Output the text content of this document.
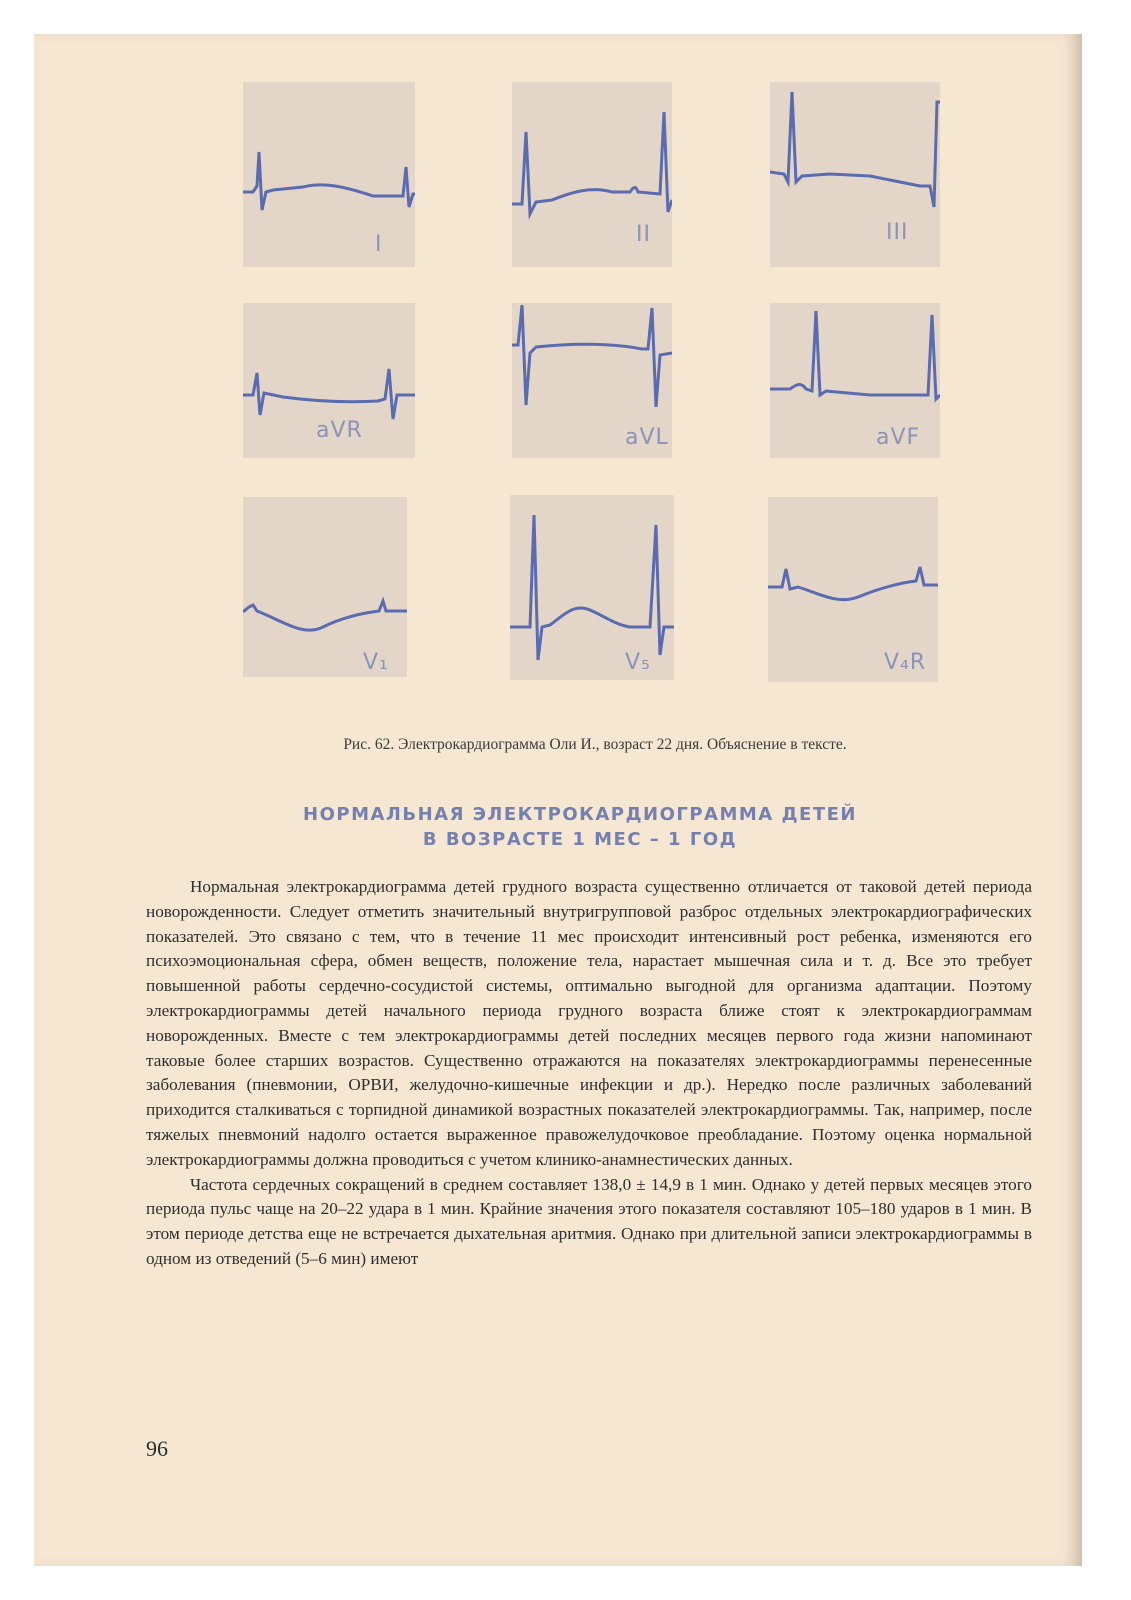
I	II	III
aVR	aVL	aVF
V₁	V₅	V₄R
Рис. 62. Электрокардиограмма Оли И., возраст 22 дня. Объяснение в тексте.
НОРМАЛЬНАЯ ЭЛЕКТРОКАРДИОГРАММА ДЕТЕЙ
В ВОЗРАСТЕ 1 МЕС – 1 ГОД

Нормальная электрокардиограмма детей грудного возраста существенно отличается от таковой детей периода новорожденности. Следует отметить значительный внутригрупповой разброс отдельных электрокардиографических показателей. Это связано с тем, что в течение 11 мес происходит интенсивный рост ребенка, изменяются его психоэмоциональная сфера, обмен веществ, положение тела, нарастает мышечная сила и т. д. Все это требует повышенной работы сердечно-сосудистой системы, оптимально выгодной для организма адаптации. Поэтому электрокардиограммы детей начального периода грудного возраста ближе стоят к электрокардиограммам новорожденных. Вместе с тем электрокардиограммы детей последних месяцев первого года жизни напоминают таковые более старших возрастов. Существенно отражаются на показателях электрокардиограммы перенесенные заболевания (пневмонии, ОРВИ, желудочно-кишечные инфекции и др.). Нередко после различных заболеваний приходится сталкиваться с торпидной динамикой возрастных показателей электрокардиограммы. Так, например, после тяжелых пневмоний надолго остается выраженное правожелудочковое преобладание. Поэтому оценка нормальной электрокардиограммы должна проводиться с учетом клинико-анамнестических данных.

Частота сердечных сокращений в среднем составляет 138,0 ± 14,9 в 1 мин. Однако у детей первых месяцев этого периода пульс чаще на 20–22 удара в 1 мин. Крайние значения этого показателя составляют 105–180 ударов в 1 мин. В этом периоде детства еще не встречается дыхательная аритмия. Однако при длительной записи электрокардиограммы в одном из отведений (5–6 мин) имеют

96
